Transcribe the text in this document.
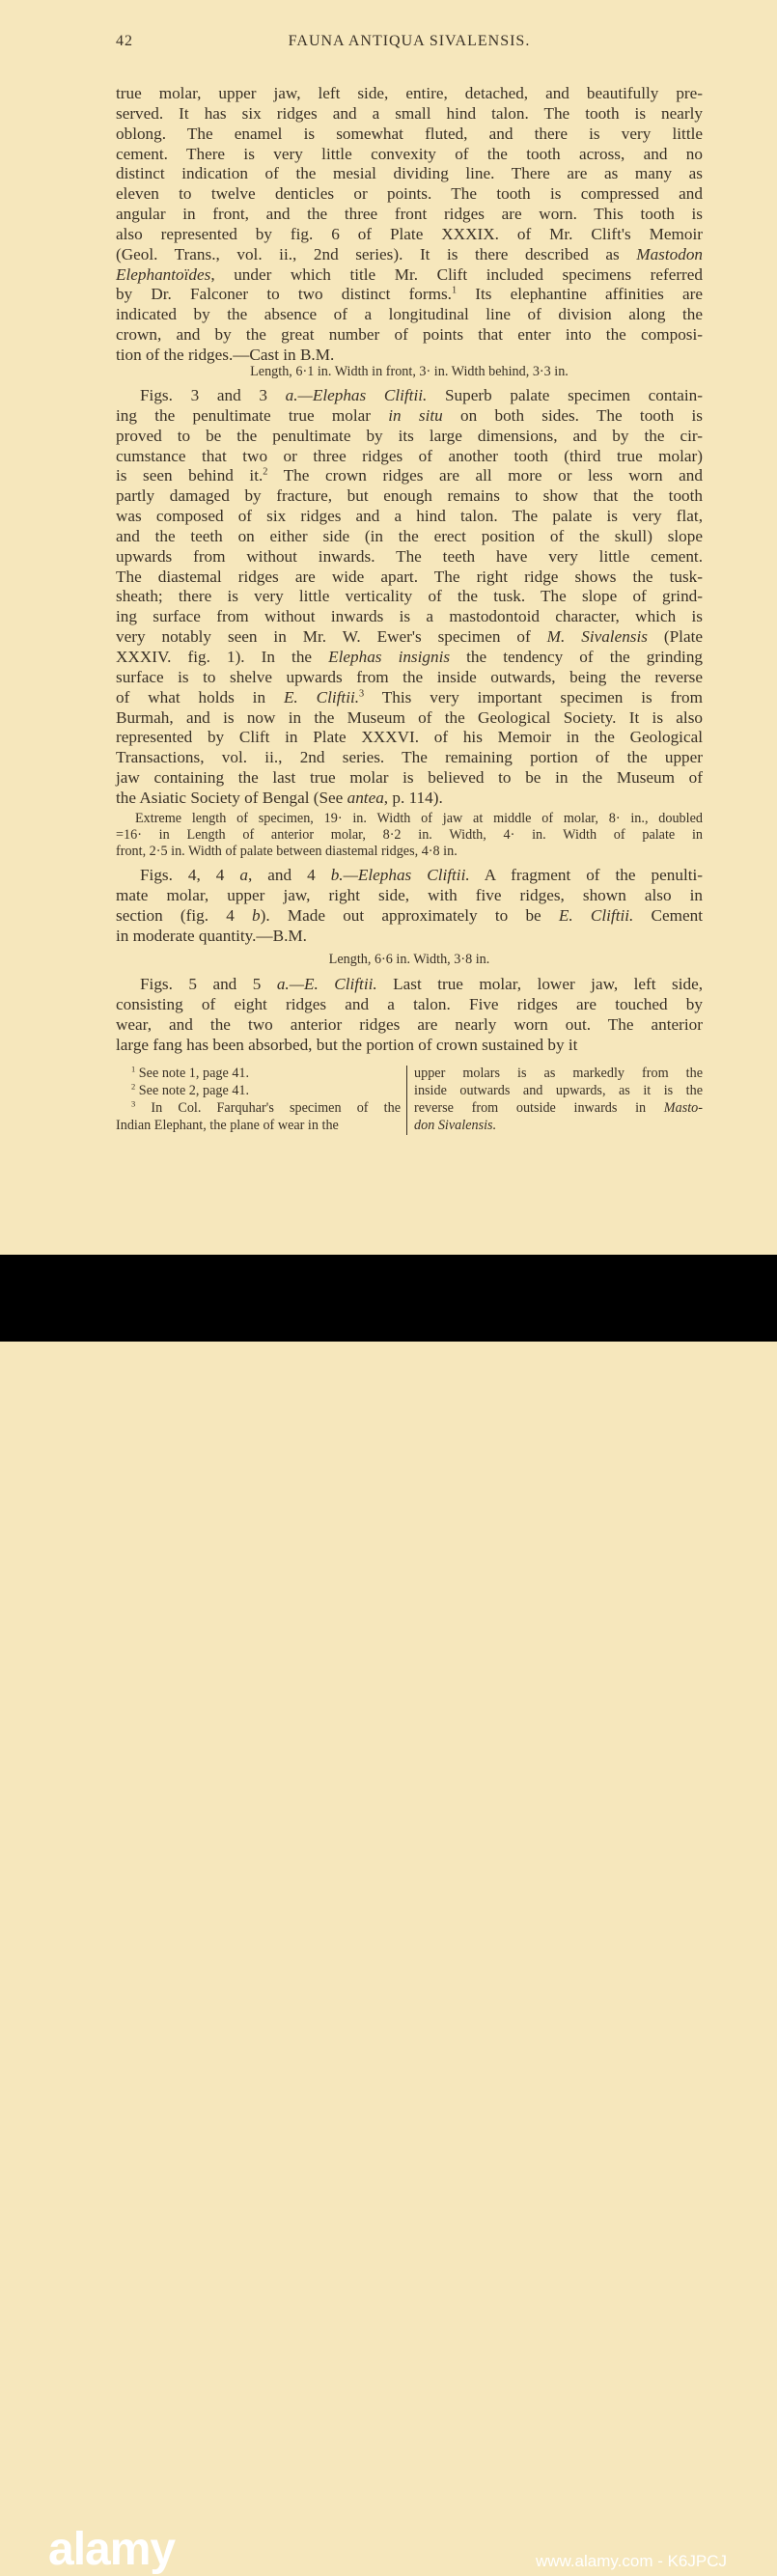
42	FAUNA ANTIQUA SIVALENSIS.
true molar, upper jaw, left side, entire, detached, and beautifully pre-
served. It has six ridges and a small hind talon. The tooth is nearly
oblong. The enamel is somewhat fluted, and there is very little
cement. There is very little convexity of the tooth across, and no
distinct indication of the mesial dividing line. There are as many as
eleven to twelve denticles or points. The tooth is compressed and
angular in front, and the three front ridges are worn. This tooth is
also represented by fig. 6 of Plate XXXIX. of Mr. Clift's Memoir
(Geol. Trans., vol. ii., 2nd series). It is there described as Mastodon
Elephantoïdes, under which title Mr. Clift included specimens referred
by Dr. Falconer to two distinct forms.$^1$ Its elephantine affinities are
indicated by the absence of a longitudinal line of division along the
crown, and by the great number of points that enter into the composi-
tion of the ridges.—Cast in B.M.
Length, 6·1 in. Width in front, 3· in. Width behind, 3·3 in.
Figs. 3 and 3 a.—Elephas Cliftii. Superb palate specimen contain-
ing the penultimate true molar in situ on both sides. The tooth is
proved to be the penultimate by its large dimensions, and by the cir-
cumstance that two or three ridges of another tooth (third true molar)
is seen behind it.$^2$ The crown ridges are all more or less worn and
partly damaged by fracture, but enough remains to show that the tooth
was composed of six ridges and a hind talon. The palate is very flat,
and the teeth on either side (in the erect position of the skull) slope
upwards from without inwards. The teeth have very little cement.
The diastemal ridges are wide apart. The right ridge shows the tusk-
sheath; there is very little verticality of the tusk. The slope of grind-
ing surface from without inwards is a mastodontoid character, which is
very notably seen in Mr. W. Ewer's specimen of M. Sivalensis (Plate
XXXIV. fig. 1). In the Elephas insignis the tendency of the grinding
surface is to shelve upwards from the inside outwards, being the reverse
of what holds in E. Cliftii.$^3$ This very important specimen is from
Burmah, and is now in the Museum of the Geological Society. It is also
represented by Clift in Plate XXXVI. of his Memoir in the Geological
Transactions, vol. ii., 2nd series. The remaining portion of the upper
jaw containing the last true molar is believed to be in the Museum of
the Asiatic Society of Bengal (See antea, p. 114).
Extreme length of specimen, 19· in. Width of jaw at middle of molar, 8· in., doubled
=16· in Length of anterior molar, 8·2 in. Width, 4· in. Width of palate in
front, 2·5 in. Width of palate between diastemal ridges, 4·8 in.
Figs. 4, 4 a, and 4 b.—Elephas Cliftii. A fragment of the penulti-
mate molar, upper jaw, right side, with five ridges, shown also in
section (fig. 4 b). Made out approximately to be E. Cliftii. Cement
in moderate quantity.—B.M.
Length, 6·6 in. Width, 3·8 in.
Figs. 5 and 5 a.—E. Cliftii. Last true molar, lower jaw, left side,
consisting of eight ridges and a talon. Five ridges are touched by
wear, and the two anterior ridges are nearly worn out. The anterior
large fang has been absorbed, but the portion of crown sustained by it
$^1$ See note 1, page 41.
$^2$ See note 2, page 41.
$^3$ In Col. Farquhar's specimen of the
Indian Elephant, the plane of wear in the
upper molars is as markedly from the
inside outwards and upwards, as it is the
reverse from outside inwards in Masto-
don Sivalensis.
alamy	www.alamy.com - K6JPCJ
